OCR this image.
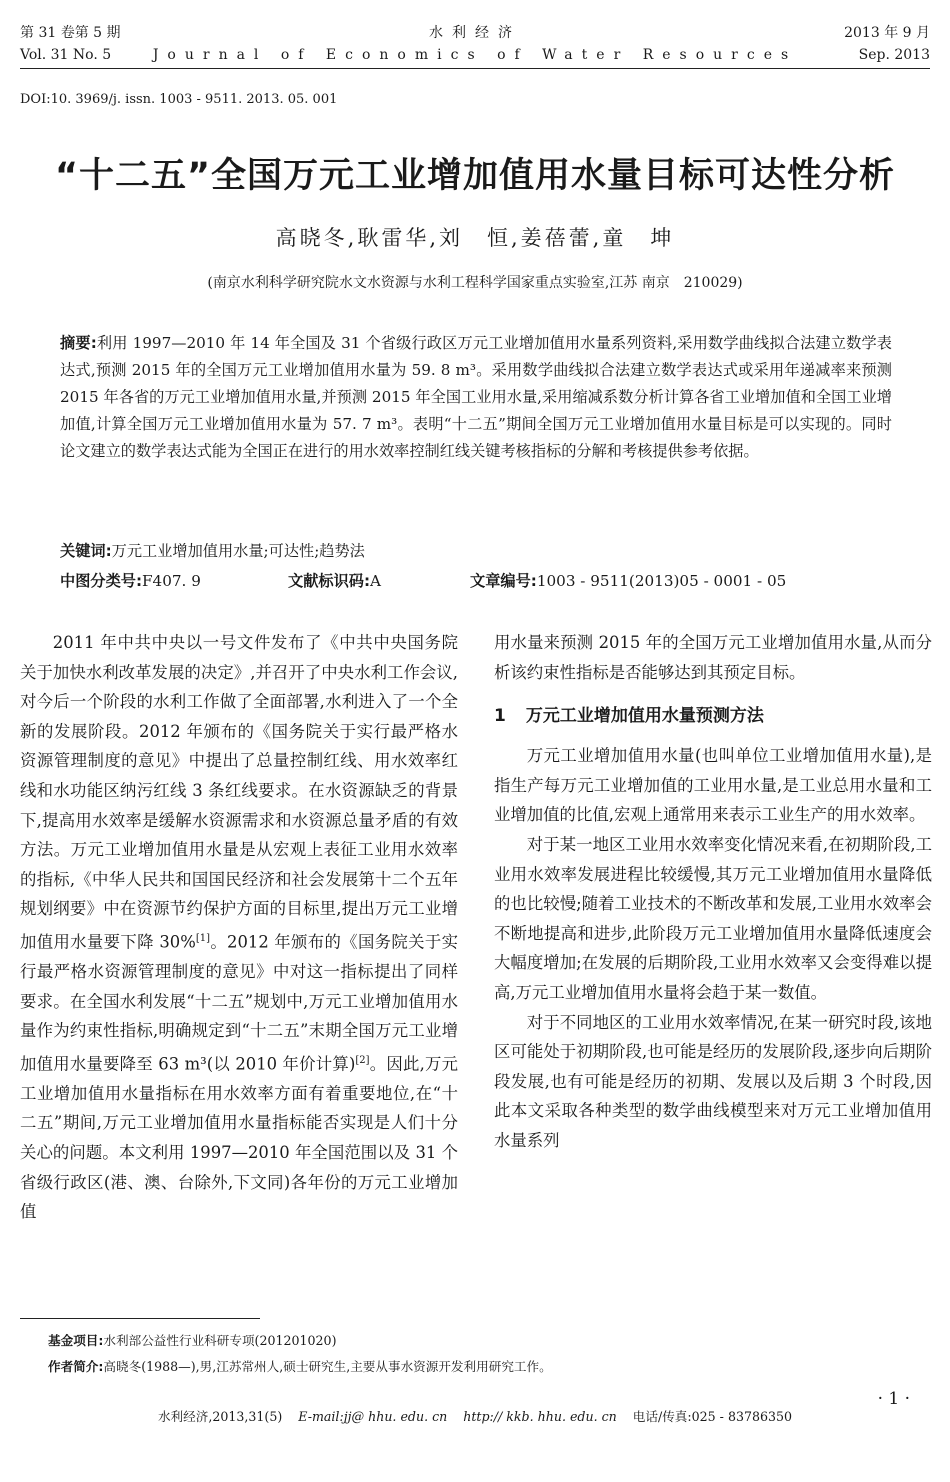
第 31 卷第 5 期
Vol. 31 No. 5
水利经济
Journal of Economics of Water Resources
2013 年 9 月
Sep. 2013
DOI:10. 3969/j. issn. 1003 - 9511. 2013. 05. 001
“十二五”全国万元工业增加值用水量目标可达性分析
高晓冬,耿雷华,刘　恒,姜蓓蕾,童　坤
(南京水利科学研究院水文水资源与水利工程科学国家重点实验室,江苏 南京　210029)
摘要:利用 1997—2010 年 14 年全国及 31 个省级行政区万元工业增加值用水量系列资料,采用数学曲线拟合法建立数学表达式,预测 2015 年的全国万元工业增加值用水量为 59. 8 m³。采用数学曲线拟合法建立数学表达式或采用年递减率来预测 2015 年各省的万元工业增加值用水量,并预测 2015 年全国工业用水量,采用缩减系数分析计算各省工业增加值和全国工业增加值,计算全国万元工业增加值用水量为 57. 7 m³。表明“十二五”期间全国万元工业增加值用水量目标是可以实现的。同时论文建立的数学表达式能为全国正在进行的用水效率控制红线关键考核指标的分解和考核提供参考依据。
关键词:万元工业增加值用水量;可达性;趋势法
中图分类号:F407. 9	文献标识码:A	文章编号:1003 - 9511(2013)05 - 0001 - 05

2011 年中共中央以一号文件发布了《中共中央国务院关于加快水利改革发展的决定》,并召开了中央水利工作会议,对今后一个阶段的水利工作做了全面部署,水利进入了一个全新的发展阶段。2012 年颁布的《国务院关于实行最严格水资源管理制度的意见》中提出了总量控制红线、用水效率红线和水功能区纳污红线 3 条红线要求。在水资源缺乏的背景下,提高用水效率是缓解水资源需求和水资源总量矛盾的有效方法。万元工业增加值用水量是从宏观上表征工业用水效率的指标,《中华人民共和国国民经济和社会发展第十二个五年规划纲要》中在资源节约保护方面的目标里,提出万元工业增加值用水量要下降 30%[1]。2012 年颁布的《国务院关于实行最严格水资源管理制度的意见》中对这一指标提出了同样要求。在全国水利发展“十二五”规划中,万元工业增加值用水量作为约束性指标,明确规定到“十二五”末期全国万元工业增加值用水量要降至 63 m³(以 2010 年价计算)[2]。因此,万元工业增加值用水量指标在用水效率方面有着重要地位,在“十二五”期间,万元工业增加值用水量指标能否实现是人们十分关心的问题。本文利用 1997—2010 年全国范围以及 31 个省级行政区(港、澳、台除外,下文同)各年份的万元工业增加值

用水量来预测 2015 年的全国万元工业增加值用水量,从而分析该约束性指标是否能够达到其预定目标。

1 万元工业增加值用水量预测方法

万元工业增加值用水量(也叫单位工业增加值用水量),是指生产每万元工业增加值的工业用水量,是工业总用水量和工业增加值的比值,宏观上通常用来表示工业生产的用水效率。

对于某一地区工业用水效率变化情况来看,在初期阶段,工业用水效率发展进程比较缓慢,其万元工业增加值用水量降低的也比较慢;随着工业技术的不断改革和发展,工业用水效率会不断地提高和进步,此阶段万元工业增加值用水量降低速度会大幅度增加;在发展的后期阶段,工业用水效率又会变得难以提高,万元工业增加值用水量将会趋于某一数值。

对于不同地区的工业用水效率情况,在某一研究时段,该地区可能处于初期阶段,也可能是经历的发展阶段,逐步向后期阶段发展,也有可能是经历的初期、发展以及后期 3 个时段,因此本文采取各种类型的数学曲线模型来对万元工业增加值用水量系列

基金项目:水利部公益性行业科研专项(201201020)
作者简介:高晓冬(1988—),男,江苏常州人,硕士研究生,主要从事水资源开发利用研究工作。
· 1 ·
水利经济,2013,31(5) E-mail:jj@ hhu. edu. cn http:// kkb. hhu. edu. cn 电话/传真:025 - 83786350
